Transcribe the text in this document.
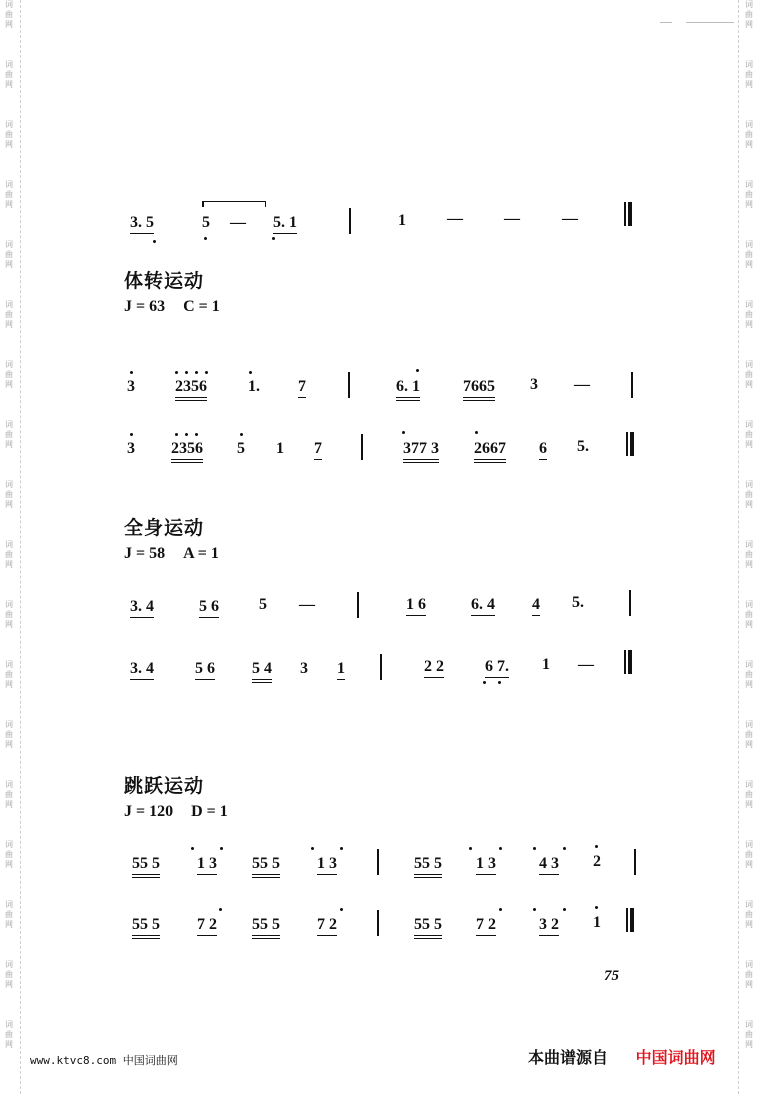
词
曲
网
词
曲
网
词
曲
网
词
曲
网
词
曲
网
词
曲
网
词
曲
网
词
曲
网
词
曲
网
词
曲
网
词
曲
网
词
曲
网
词
曲
网
词
曲
网
词
曲
网
词
曲
网
词
曲
网
词
曲
网
词
曲
网
词
曲
网
词
曲
网
词
曲
网
词
曲
网
词
曲
网
词
曲
网
词
曲
网
词
曲
网
词
曲
网
词
曲
网
词
曲
网
词
曲
网
词
曲
网
词
曲
网
词
曲
网
词
曲
网
词
曲
网
体转运动
J = 63 C = 1
全身运动
J = 58 A = 1
跳跃运动
J = 120 D = 1
3. 5	5 — 5. 1	1	—	—	—
3	2356	1. 7	6. 1	7665 3 —
3 2356 5 1 7	377 3 2667 6 5.
3. 4	5 6	5 —	1 6	6. 4 4 5.
3. 4	5 6 5 4 3 1	2 2	6 7. 1 —
55 5 1 3 55 5 1 3	55 5 1 3	4 3 2
55 5 7 2 55 5 7 2	55 5 7 2	3 2 1
75
www.ktvc8.com 中国词曲网	本曲谱源自 中国词曲网
